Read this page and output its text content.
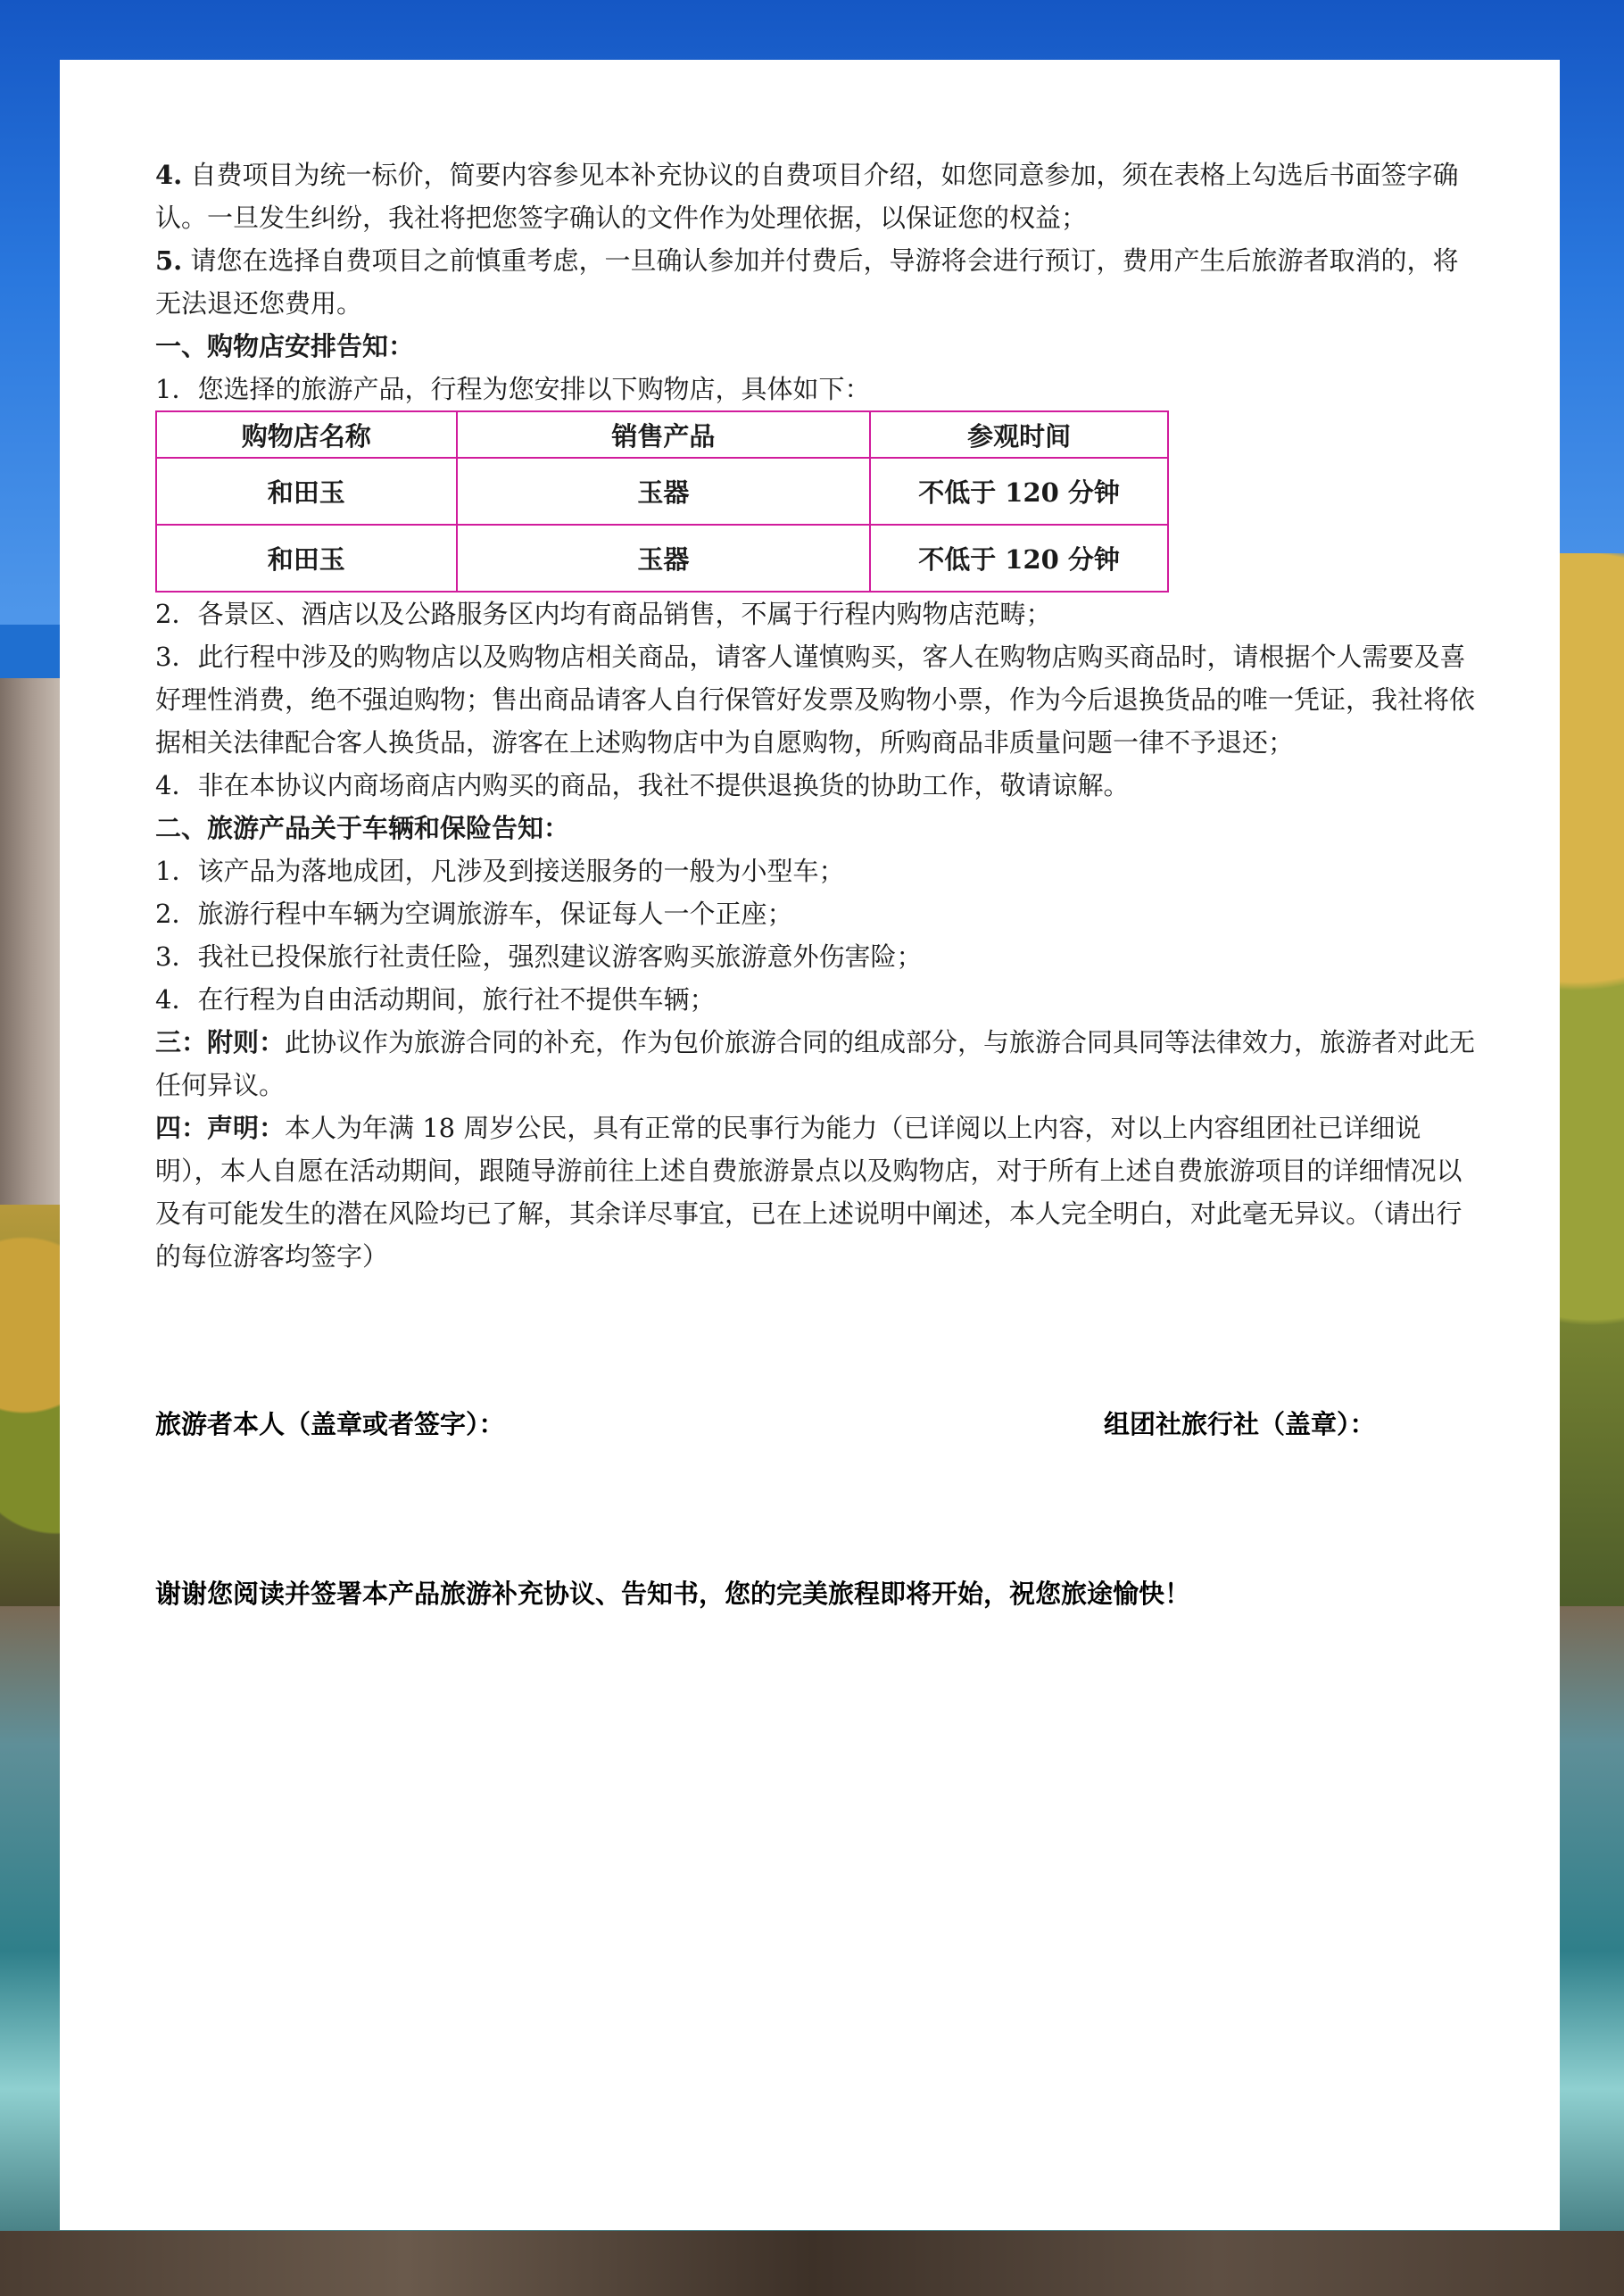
4. 自费项目为统一标价，简要内容参见本补充协议的自费项目介绍，如您同意参加，须在表格上勾选后书面签字确认。一旦发生纠纷，我社将把您签字确认的文件作为处理依据，以保证您的权益；

5. 请您在选择自费项目之前慎重考虑，一旦确认参加并付费后，导游将会进行预订，费用产生后旅游者取消的，将无法退还您费用。

一、购物店安排告知：

1．您选择的旅游产品，行程为您安排以下购物店，具体如下：

购物店名称	销售产品	参观时间
和田玉	玉器	不低于 120 分钟
和田玉	玉器	不低于 120 分钟

2．各景区、酒店以及公路服务区内均有商品销售，不属于行程内购物店范畴；

3．此行程中涉及的购物店以及购物店相关商品，请客人谨慎购买，客人在购物店购买商品时，请根据个人需要及喜好理性消费，绝不强迫购物；售出商品请客人自行保管好发票及购物小票，作为今后退换货品的唯一凭证，我社将依据相关法律配合客人换货品，游客在上述购物店中为自愿购物，所购商品非质量问题一律不予退还；

4．非在本协议内商场商店内购买的商品，我社不提供退换货的协助工作，敬请谅解。

二、旅游产品关于车辆和保险告知：

1．该产品为落地成团，凡涉及到接送服务的一般为小型车；

2．旅游行程中车辆为空调旅游车，保证每人一个正座；

3．我社已投保旅行社责任险，强烈建议游客购买旅游意外伤害险；

4．在行程为自由活动期间，旅行社不提供车辆；

三：附则：此协议作为旅游合同的补充，作为包价旅游合同的组成部分，与旅游合同具同等法律效力，旅游者对此无任何异议。

四：声明：本人为年满 18 周岁公民，具有正常的民事行为能力（已详阅以上内容，对以上内容组团社已详细说明），本人自愿在活动期间，跟随导游前往上述自费旅游景点以及购物店，对于所有上述自费旅游项目的详细情况以及有可能发生的潜在风险均已了解，其余详尽事宜，已在上述说明中阐述，本人完全明白，对此毫无异议。（请出行的每位游客均签字）

旅游者本人（盖章或者签字）：	组团社旅行社（盖章）：
谢谢您阅读并签署本产品旅游补充协议、告知书，您的完美旅程即将开始，祝您旅途愉快！
